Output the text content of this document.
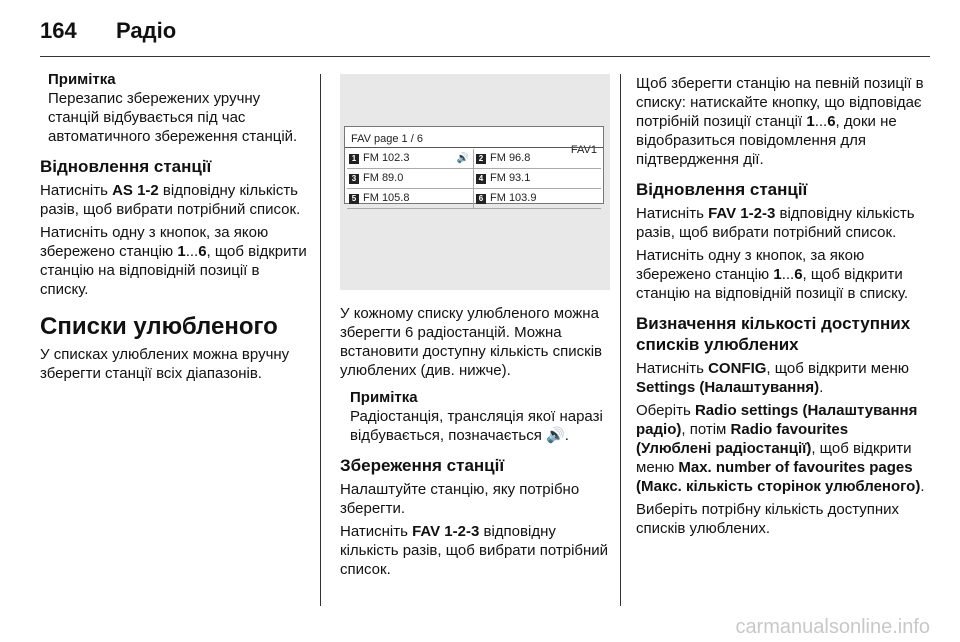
164 Радіо
Примітка
Перезапис збережених уручну станцій відбувається під час автоматичного збереження станцій.
Відновлення станції

Натисніть AS 1-2 відповідну кількість разів, щоб вибрати потрібний список.

Натисніть одну з кнопок, за якою збережено станцію 1...6, щоб відкрити станцію на відповідній позиції в списку.

Списки улюбленого

У списках улюблених можна вручну зберегти станції всіх діапазонів.

FAV page 1 / 6
FAV1
1 FM 102.3	🔊	2 FM 96.8
3 FM 89.0	4 FM 93.1
5 FM 105.8	6 FM 103.9

У кожному списку улюбленого можна зберегти 6 радіостанцій. Можна встановити доступну кількість списків улюблених (див. нижче).

Примітка
Радіостанція, трансляція якої наразі відбувається, позначається 🔊.
Збереження станції

Налаштуйте станцію, яку потрібно зберегти.

Натисніть FAV 1-2-3 відповідну кількість разів, щоб вибрати потрібний список.

Щоб зберегти станцію на певній позиції в списку: натискайте кнопку, що відповідає потрібній позиції станції 1...6, доки не відобразиться повідомлення для підтвердження дії.

Відновлення станції

Натисніть FAV 1-2-3 відповідну кількість разів, щоб вибрати потрібний список.

Натисніть одну з кнопок, за якою збережено станцію 1...6, щоб відкрити станцію на відповідній позиції в списку.

Визначення кількості доступних списків улюблених

Натисніть CONFIG, щоб відкрити меню Settings (Налаштування).

Оберіть Radio settings (Налаштування радіо), потім Radio favourites (Улюблені радіостанції), щоб відкрити меню Max. number of favourites pages (Макс. кількість сторінок улюбленого).

Виберіть потрібну кількість доступних списків улюблених.

carmanualsonline.info
